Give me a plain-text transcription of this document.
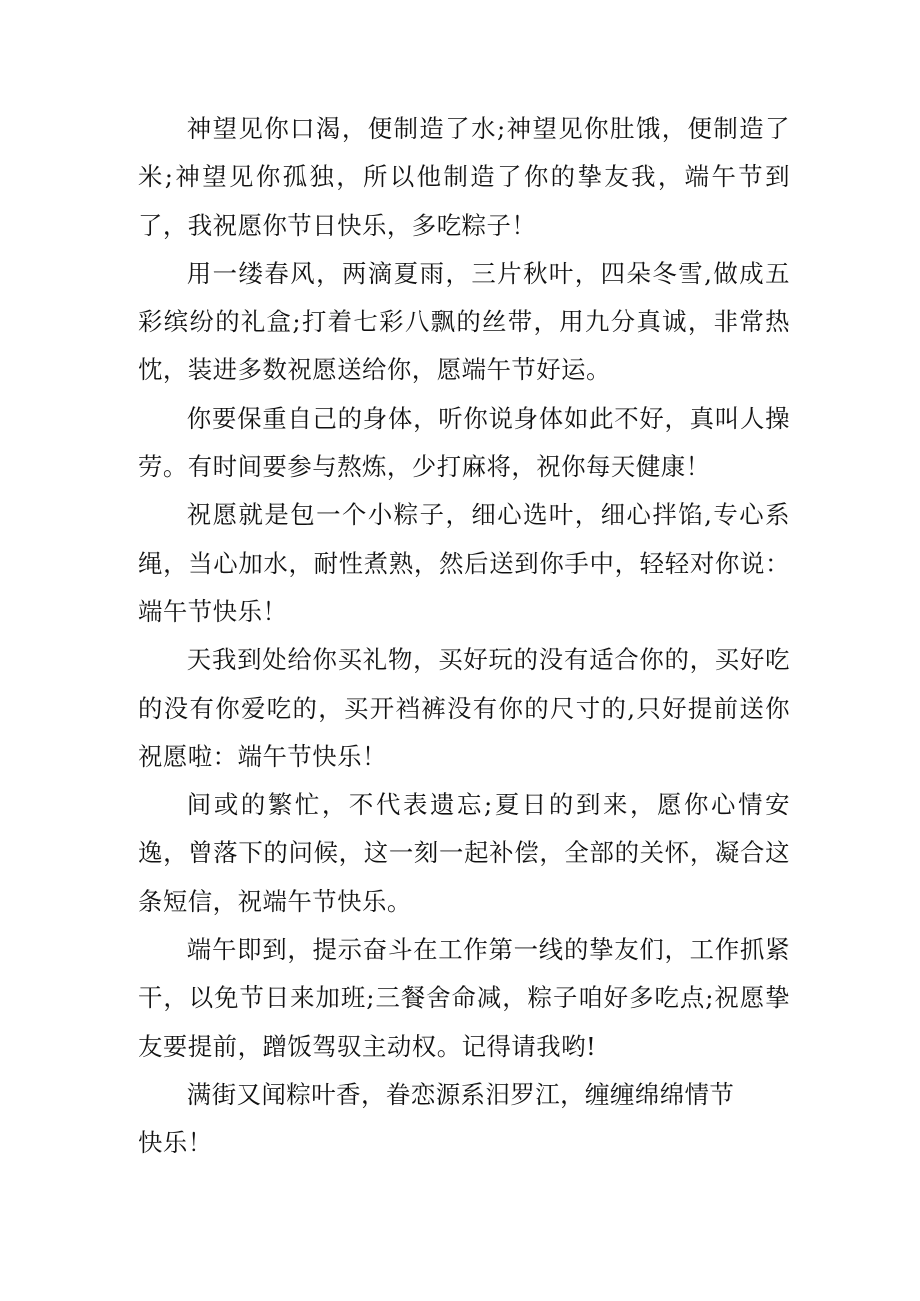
神望见你口渴，便制造了水;神望见你肚饿，便制造了米;神望见你孤独，所以他制造了你的挚友我，端午节到了，我祝愿你节日快乐，多吃粽子！

用一缕春风，两滴夏雨，三片秋叶，四朵冬雪,做成五彩缤纷的礼盒;打着七彩八飘的丝带，用九分真诚，非常热忱，装进多数祝愿送给你，愿端午节好运。

你要保重自己的身体，听你说身体如此不好，真叫人操劳。有时间要参与熬炼，少打麻将，祝你每天健康！

祝愿就是包一个小粽子，细心选叶，细心拌馅,专心系绳，当心加水，耐性煮熟，然后送到你手中，轻轻对你说：端午节快乐！

天我到处给你买礼物，买好玩的没有适合你的，买好吃的没有你爱吃的，买开裆裤没有你的尺寸的,只好提前送你祝愿啦：端午节快乐！

间或的繁忙，不代表遗忘;夏日的到来，愿你心情安逸，曾落下的问候，这一刻一起补偿，全部的关怀，凝合这条短信，祝端午节快乐。

端午即到，提示奋斗在工作第一线的挚友们，工作抓紧干，以免节日来加班;三餐舍命减，粽子咱好多吃点;祝愿挚友要提前，蹭饭驾驭主动权。记得请我哟!

满街又闻粽叶香，眷恋源系汨罗江，缠缠绵绵情节快乐！
